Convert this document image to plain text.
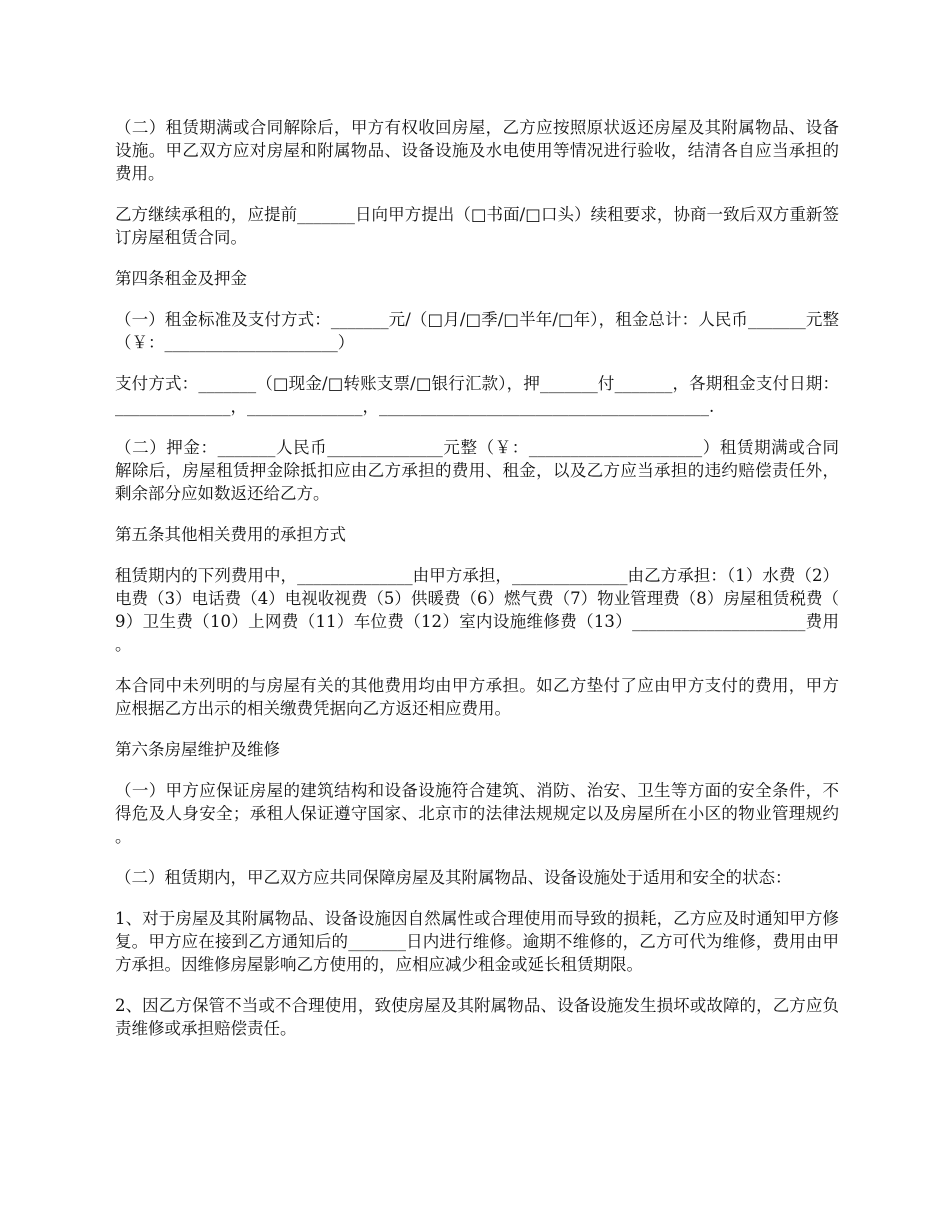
（二）租赁期满或合同解除后，甲方有权收回房屋，乙方应按照原状返还房屋及其附属物品、设备设施。甲乙双方应对房屋和附属物品、设备设施及水电使用等情况进行验收，结清各自应当承担的费用。

乙方继续承租的，应提前_______日向甲方提出（□书面/□口头）续租要求，协商一致后双方重新签订房屋租赁合同。

第四条租金及押金

（一）租金标准及支付方式：_______元/（□月/□季/□半年/□年），租金总计：人民币_______元整（￥：_____________________）

支付方式：_______（□现金/□转账支票/□银行汇款），押_______付_______，各期租金支付日期：______________，______________，________________________________________.

（二）押金：_______人民币______________元整（￥：_____________________）租赁期满或合同解除后，房屋租赁押金除抵扣应由乙方承担的费用、租金，以及乙方应当承担的违约赔偿责任外，剩余部分应如数返还给乙方。

第五条其他相关费用的承担方式

租赁期内的下列费用中，______________由甲方承担，______________由乙方承担：（1）水费（2）电费（3）电话费（4）电视收视费（5）供暖费（6）燃气费（7）物业管理费（8）房屋租赁税费（9）卫生费（10）上网费（11）车位费（12）室内设施维修费（13）_____________________费用。

本合同中未列明的与房屋有关的其他费用均由甲方承担。如乙方垫付了应由甲方支付的费用，甲方应根据乙方出示的相关缴费凭据向乙方返还相应费用。

第六条房屋维护及维修

（一）甲方应保证房屋的建筑结构和设备设施符合建筑、消防、治安、卫生等方面的安全条件，不得危及人身安全；承租人保证遵守国家、北京市的法律法规规定以及房屋所在小区的物业管理规约。

（二）租赁期内，甲乙双方应共同保障房屋及其附属物品、设备设施处于适用和安全的状态：

1、对于房屋及其附属物品、设备设施因自然属性或合理使用而导致的损耗，乙方应及时通知甲方修复。甲方应在接到乙方通知后的_______日内进行维修。逾期不维修的，乙方可代为维修，费用由甲方承担。因维修房屋影响乙方使用的，应相应减少租金或延长租赁期限。

2、因乙方保管不当或不合理使用，致使房屋及其附属物品、设备设施发生损坏或故障的，乙方应负责维修或承担赔偿责任。
